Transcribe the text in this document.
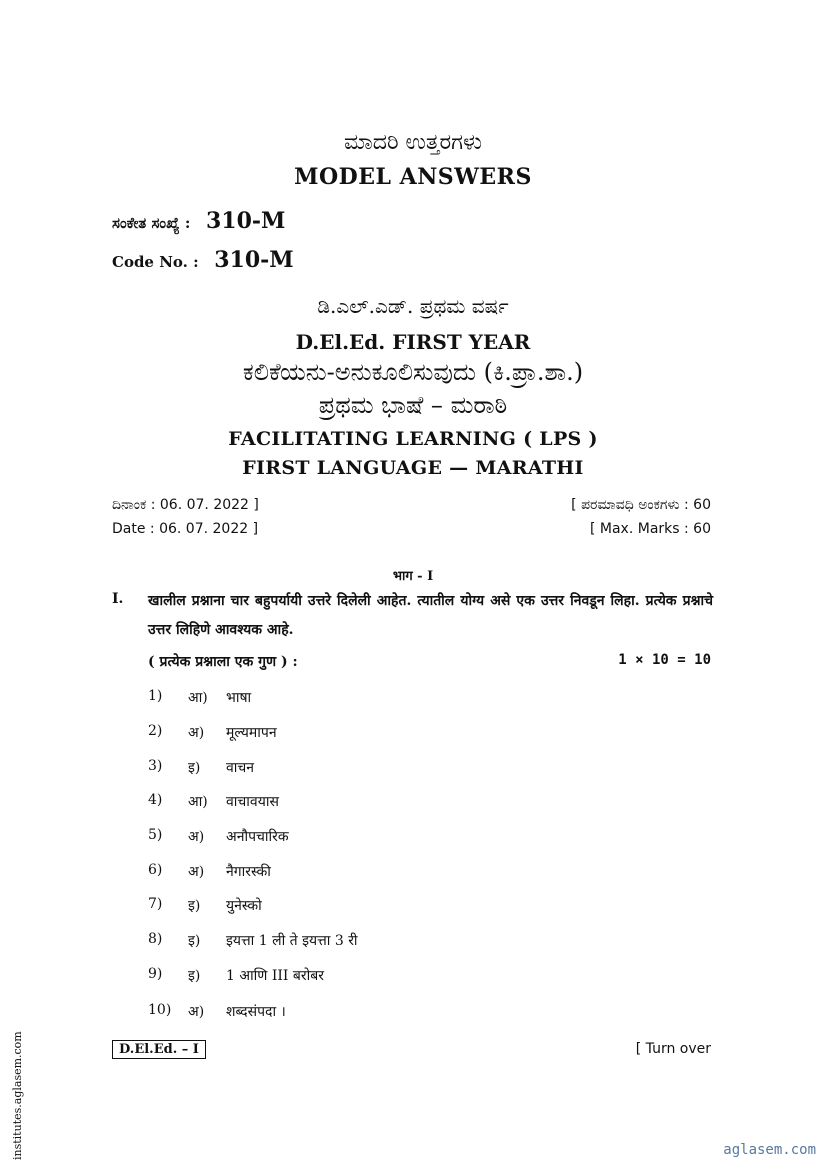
ಮಾದರಿ ಉತ್ತರಗಳು
MODEL ANSWERS
ಸಂಕೇತ ಸಂಖ್ಯೆ : 310-M
Code No. : 310-M
ಡಿ.ಎಲ್.ಎಡ್. ಪ್ರಥಮ ವರ್ಷ
D.El.Ed. FIRST YEAR
ಕಲಿಕೆಯನು-ಅನುಕೂಲಿಸುವುದು (ಕಿ.ಪ್ರಾ.ಶಾ.)
ಪ್ರಥಮ ಭಾಷೆ – ಮರಾಠಿ
FACILITATING LEARNING ( LPS )
FIRST LANGUAGE — MARATHI
ದಿನಾಂಕ : 06. 07. 2022 ]	[ ಪರಮಾವಧಿ ಅಂಕಗಳು : 60
Date : 06. 07. 2022 ]	[ Max. Marks : 60
भाग - I
I. खालील प्रश्नाना चार बहुपर्यायी उत्तरे दिलेली आहेत. त्यातील योग्य असे एक उत्तर निवडून लिहा. प्रत्येक प्रश्नाचे उत्तर लिहिणे आवश्यक आहे.
( प्रत्येक प्रश्नाला एक गुण ) :	1 × 10 = 10
1)	आ)	भाषा
2)	अ)	मूल्यमापन
3)	इ)	वाचन
4)	आ)	वाचावयास
5)	अ)	अनौपचारिक
6)	अ)	नैगारस्की
7)	इ)	युनेस्को
8)	इ)	इयत्ता 1 ली ते इयत्ता 3 री
9)	इ)	1 आणि III बरोबर
10)	अ)	शब्दसंपदा ।
D.El.Ed. – I	[ Turn over
institutes.aglasem.com	aglasem.com
